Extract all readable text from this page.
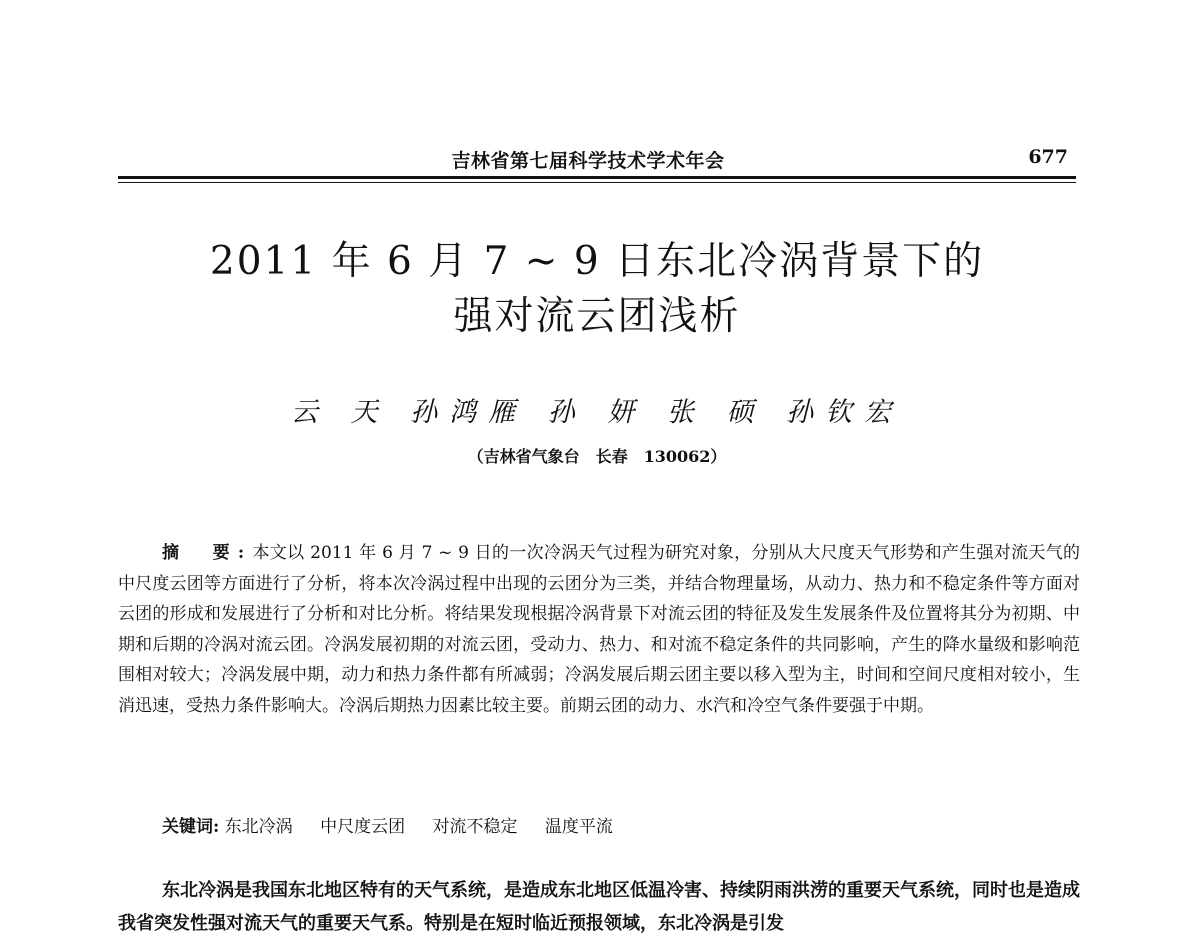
吉林省第七届科学技术学术年会	677
2011 年 6 月 7 ~ 9 日东北冷涡背景下的
强对流云团浅析
云 天 孙鸿雁 孙 妍 张 硕 孙钦宏
（吉林省气象台　长春　130062）

摘　要:本文以 2011 年 6 月 7 ~ 9 日的一次冷涡天气过程为研究对象，分别从大尺度天气形势和产生强对流天气的中尺度云团等方面进行了分析，将本次冷涡过程中出现的云团分为三类，并结合物理量场，从动力、热力和不稳定条件等方面对云团的形成和发展进行了分析和对比分析。将结果发现根据冷涡背景下对流云团的特征及发生发展条件及位置将其分为初期、中期和后期的冷涡对流云团。冷涡发展初期的对流云团，受动力、热力、和对流不稳定条件的共同影响，产生的降水量级和影响范围相对较大；冷涡发展中期，动力和热力条件都有所减弱；冷涡发展后期云团主要以移入型为主，时间和空间尺度相对较小，生消迅速，受热力条件影响大。冷涡后期热力因素比较主要。前期云团的动力、水汽和冷空气条件要强于中期。

关键词: 东北冷涡 中尺度云团 对流不稳定 温度平流

东北冷涡是我国东北地区特有的天气系统，是造成东北地区低温冷害、持续阴雨洪涝的重要天气系统，同时也是造成我省突发性强对流天气的重要天气系。特别是在短时临近预报领域，东北冷涡是引发
